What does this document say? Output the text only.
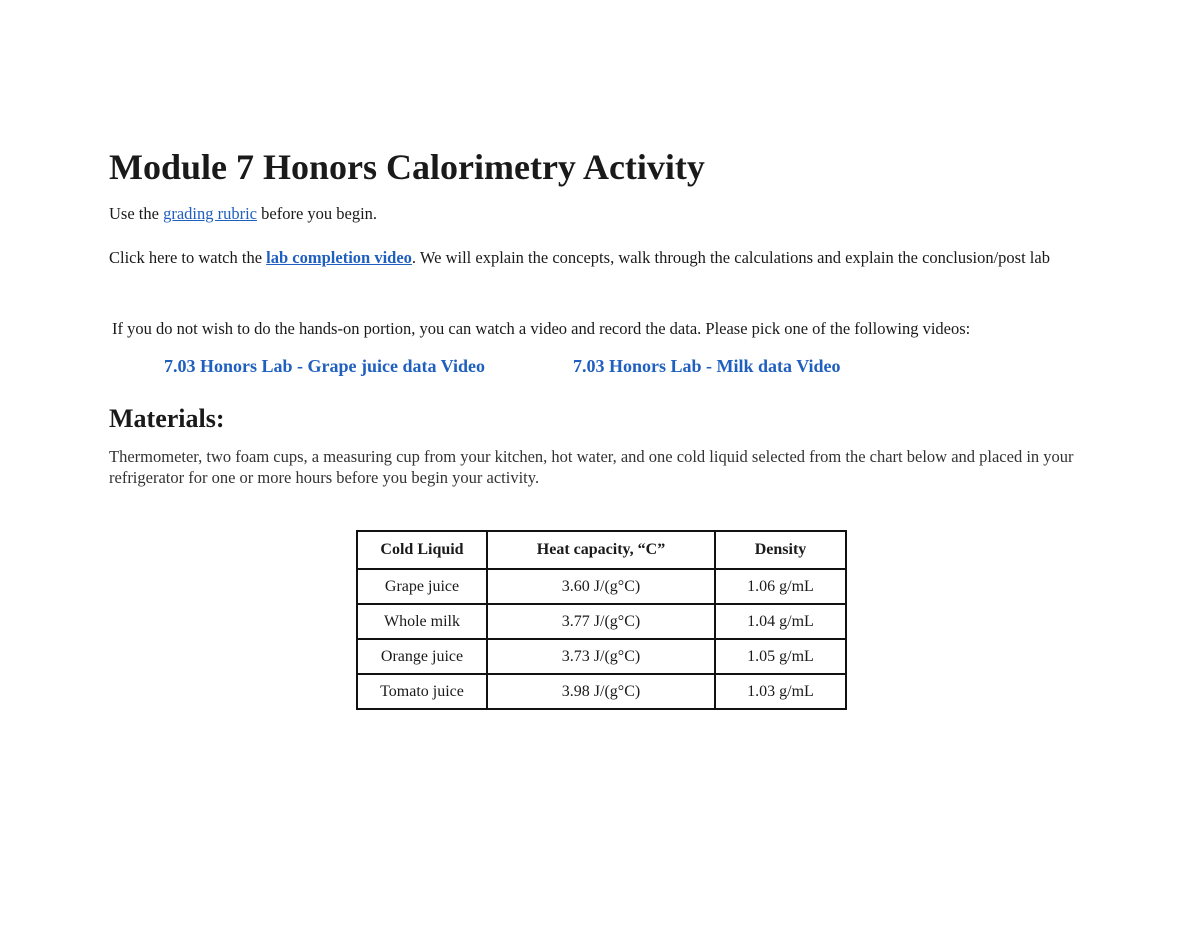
Module 7 Honors Calorimetry Activity

Use the grading rubric before you begin.

Click here to watch the lab completion video. We will explain the concepts, walk through the calculations and explain the conclusion/post lab

If you do not wish to do the hands-on portion, you can watch a video and record the data. Please pick one of the following videos:

7.03 Honors Lab - Grape juice data Video	7.03 Honors Lab - Milk data Video
Materials:

Thermometer, two foam cups, a measuring cup from your kitchen, hot water, and one cold liquid selected from the chart below and placed in your refrigerator for one or more hours before you begin your activity.

Cold Liquid	Heat capacity, “C”	Density
Grape juice	3.60 J/(g°C)	1.06 g/mL
Whole milk	3.77 J/(g°C)	1.04 g/mL
Orange juice	3.73 J/(g°C)	1.05 g/mL
Tomato juice	3.98 J/(g°C)	1.03 g/mL
